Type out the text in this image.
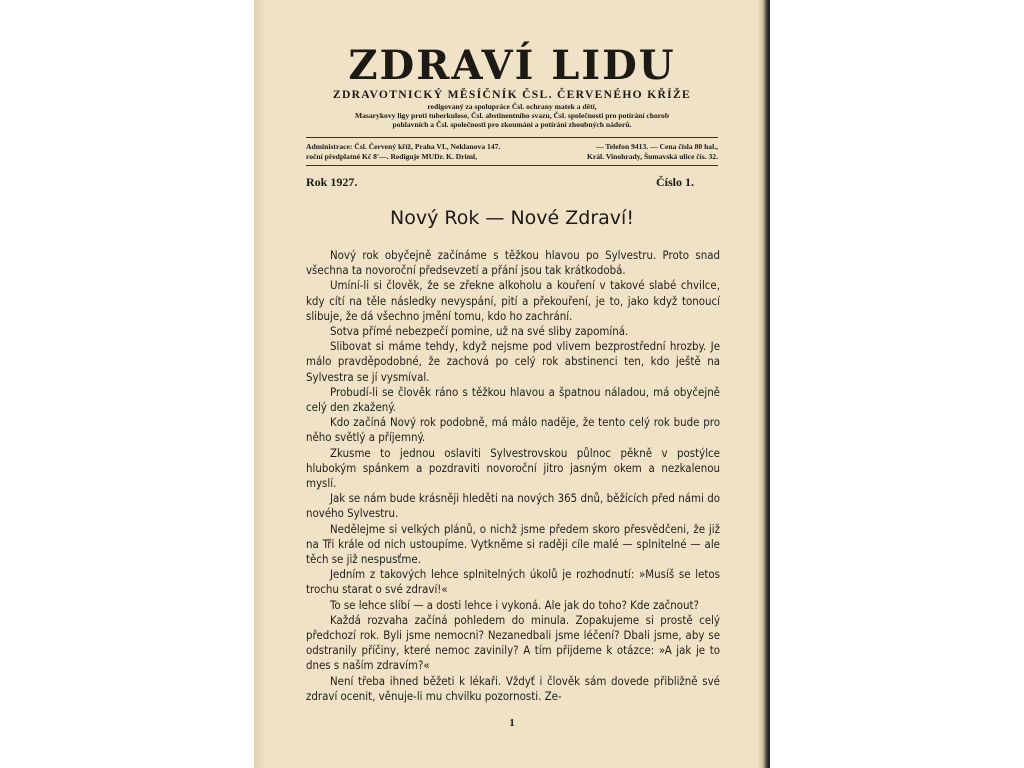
ZDRAVÍ LIDU
ZDRAVOTNICKÝ MĚSÍČNÍK ČSL. ČERVENÉHO KŘÍŽE
redigovaný za spolupráce Čsl. ochrany matek a dětí,
Masarykovy ligy proti tuberkulose, Čsl. abstinentního svazu, Čsl. společnosti pro potírání chorob
pohlavních a Čsl. společnosti pro zkoumání a potírání zhoubných nádorů.
Administrace: Čsl. Červený kříž, Praha VI., Neklanova 147.	— Telefon 9413. — Cena čísla 80 hal.,
roční předplatné Kč 8'—. Rediguje MUDr. K. Driml,	Král. Vinohrady, Šumavská ulice čís. 32.
Rok 1927.	Číslo 1.
Nový Rok — Nové Zdraví!

Nový rok obyčejně začínáme s těžkou hlavou po Sylvestru. Proto snad všechna ta novoroční předsevzetí a přání jsou tak krátkodobá.

Umíní-li si člověk, že se zřekne alkoholu a kouření v takové slabé chvilce, kdy cítí na těle následky nevyspání, pití a překouření, je to, jako když tonoucí slibuje, že dá všechno jmění tomu, kdo ho zachrání.

Sotva přímé nebezpečí pomine, už na své sliby zapomíná.

Slibovat si máme tehdy, když nejsme pod vlivem bezprostřední hrozby. Je málo pravděpodobné, že zachová po celý rok abstinenci ten, kdo ještě na Sylvestra se jí vysmíval.

Probudí-li se člověk ráno s těžkou hlavou a špatnou náladou, má obyčejně celý den zkažený.

Kdo začíná Nový rok podobně, má málo naděje, že tento celý rok bude pro něho světlý a příjemný.

Zkusme to jednou oslaviti Sylvestrovskou půlnoc pěkně v postýlce hlubokým spánkem a pozdraviti novoroční jitro jasným okem a nezkalenou myslí.

Jak se nám bude krásněji hleděti na nových 365 dnů, běžících před námi do nového Sylvestru.

Nedělejme si velkých plánů, o nichž jsme předem skoro přesvědčeni, že již na Tři krále od nich ustoupíme. Vytkněme si raději cíle malé — splnitelné — ale těch se již nespusťme.

Jedním z takových lehce splnitelných úkolů je rozhodnutí: »Musíš se letos trochu starat o své zdraví!«

To se lehce slíbí — a dosti lehce i vykoná. Ale jak do toho? Kde začnout?

Každá rozvaha začíná pohledem do minula. Zopakujeme si prostě celý předchozí rok. Byli jsme nemocni? Nezanedbali jsme léčení? Dbali jsme, aby se odstranily příčiny, které nemoc zavinily? A tím přijdeme k otázce: »A jak je to dnes s naším zdravím?«

Není třeba ihned běžeti k lékaři. Vždyť i člověk sám dovede přibližně své zdraví ocenit, věnuje-li mu chvilku pozornosti. Ze-

1
